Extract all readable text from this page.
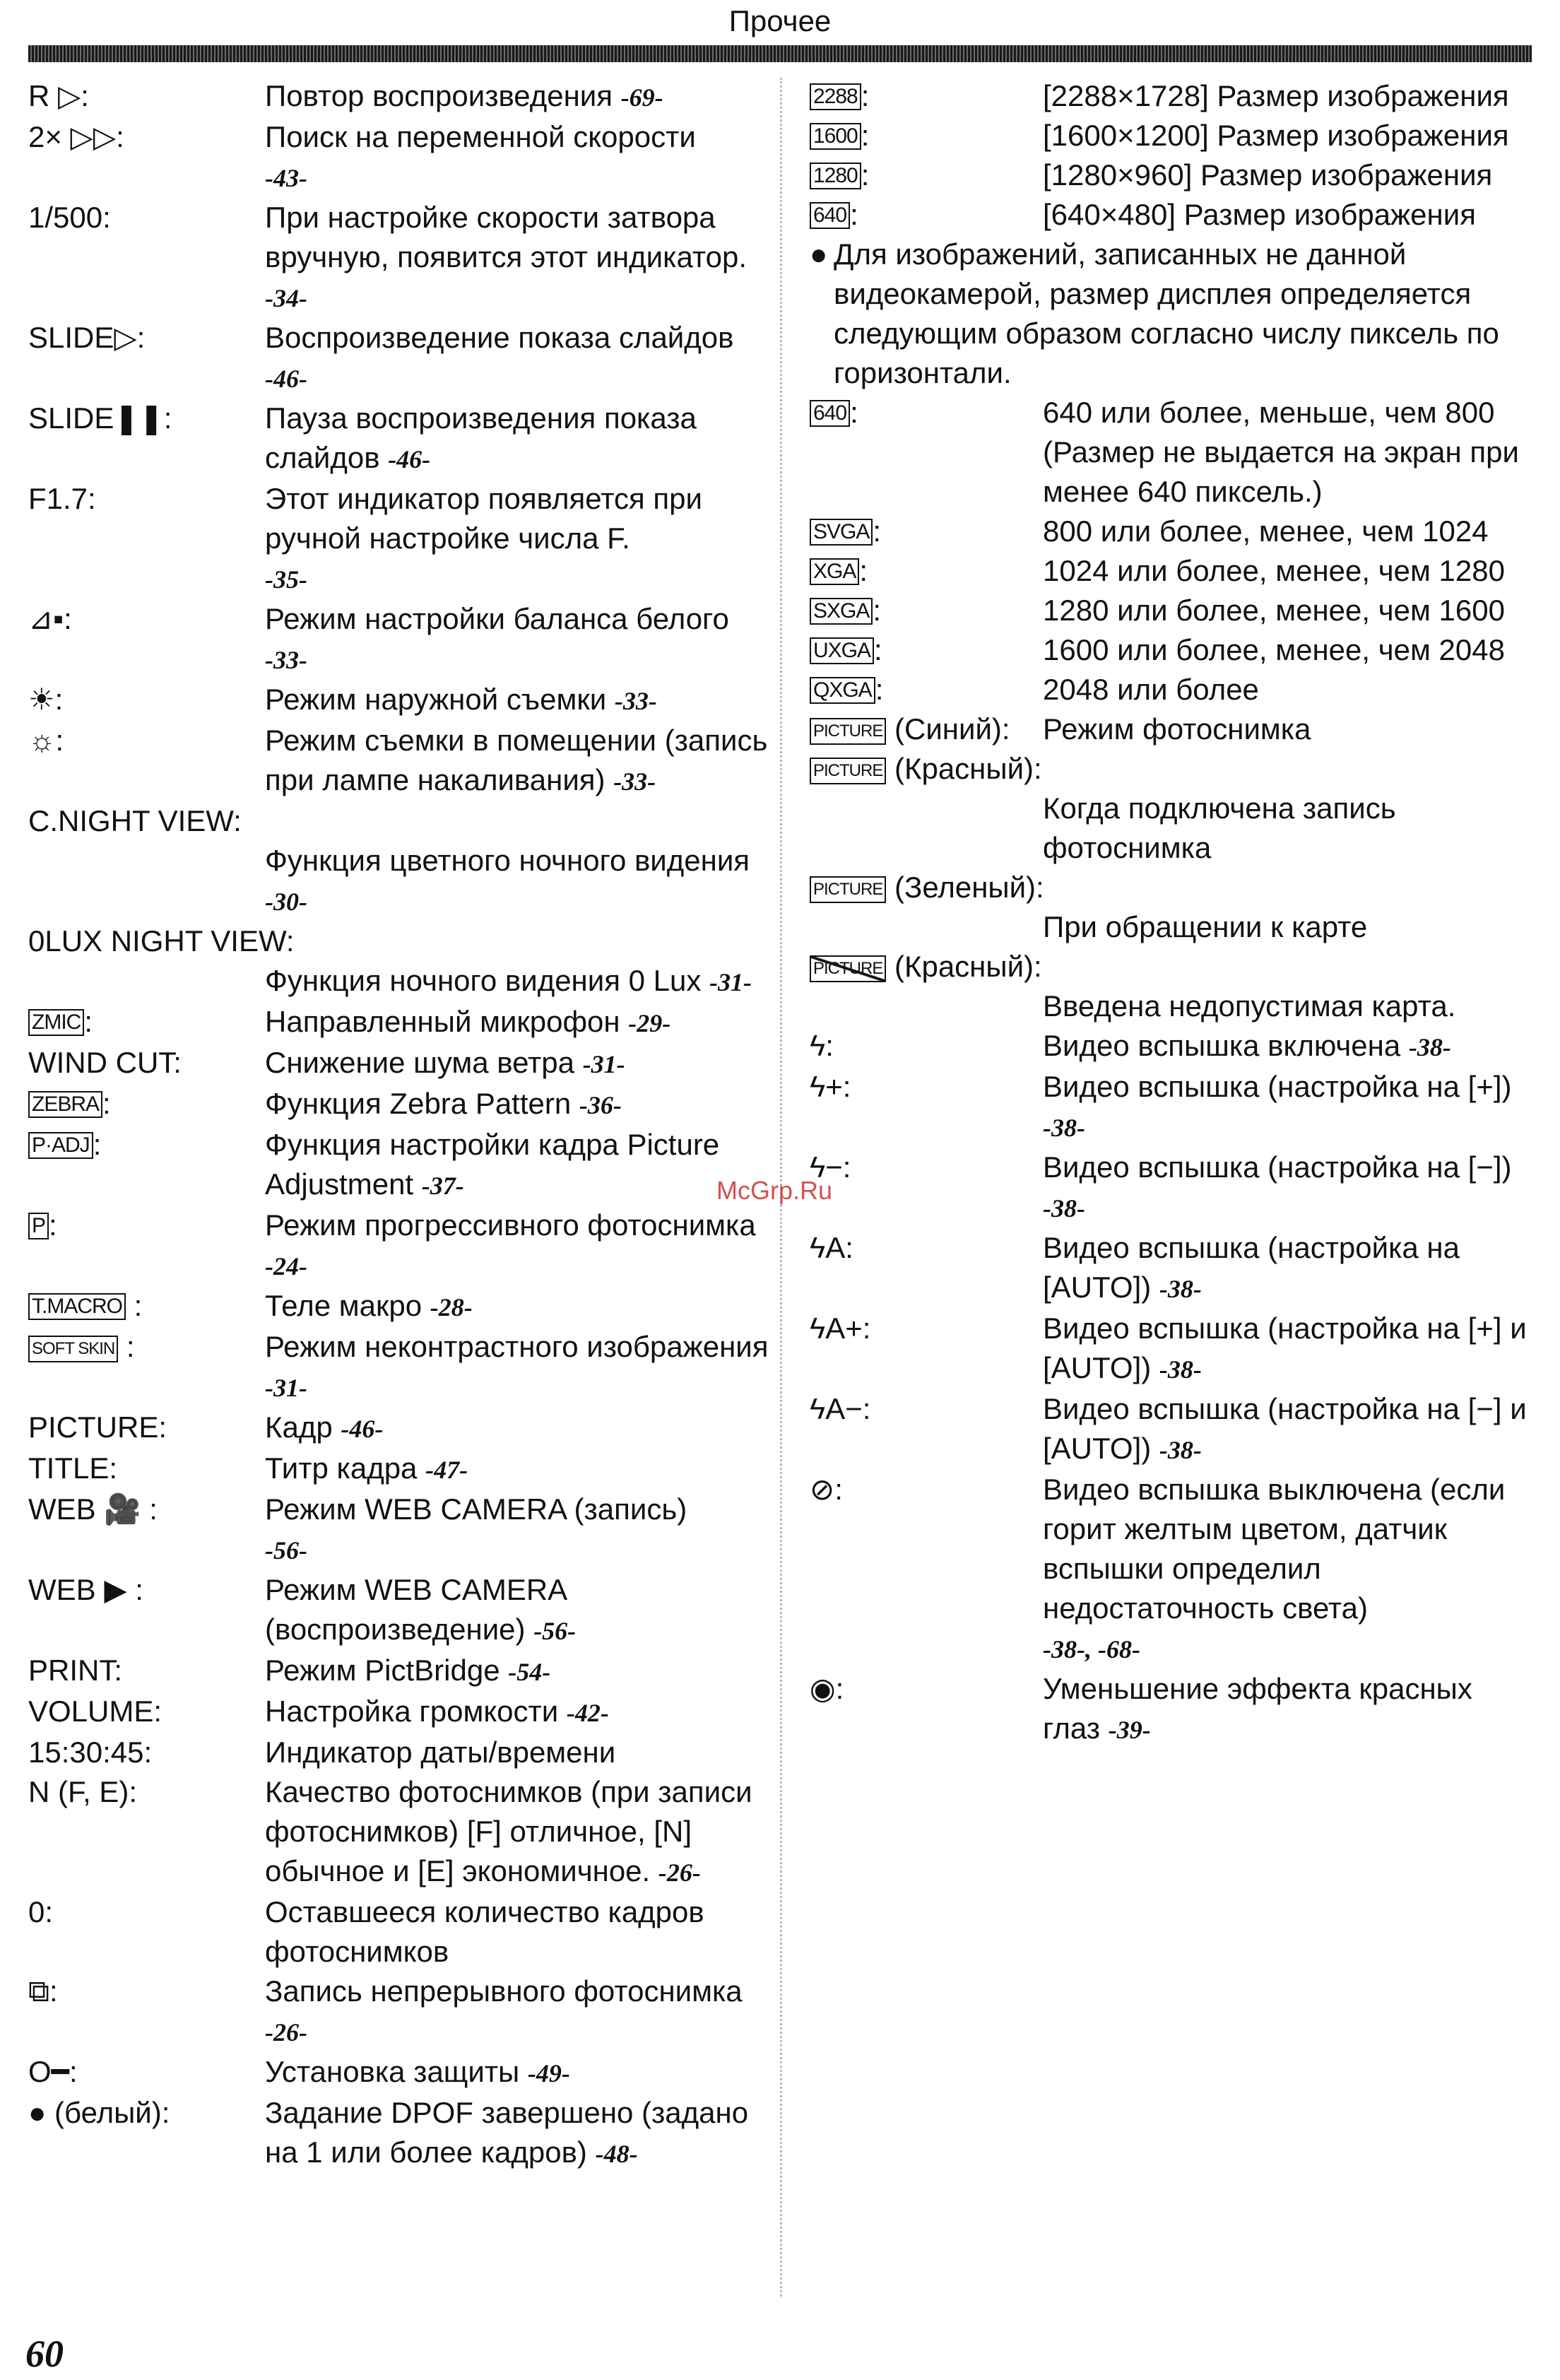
Прочее
R ▷:	Повтор воспроизведения -69-
2× ▷▷:	Поиск на переменной скорости
-43-
1/500:	При настройке скорости затвора вручную, появится этот индикатор. -34-
SLIDE▷:	Воспроизведение показа слайдов -46-
SLIDE❚❚:	Пауза воспроизведения показа слайдов -46-
F1.7:	Этот индикатор появляется при ручной настройке числа F.
-35-
⊿▪:	Режим настройки баланса белого -33-
☀:	Режим наружной съемки -33-
☼:	Режим съемки в помещении (запись при лампе накаливания) -33-
C.NIGHT VIEW:
Функция цветного ночного видения -30-
0LUX NIGHT VIEW:
Функция ночного видения 0 Lux -31-
ZMIC :	Направленный микрофон -29-
WIND CUT:	Снижение шума ветра -31-
ZEBRA :	Функция Zebra Pattern -36-
P·ADJ :	Функция настройки кадра Picture Adjustment -37-
P :	Режим прогрессивного фотоснимка -24-
T.MACRO :	Теле макро -28-
SOFT SKIN :	Режим неконтрастного изображения -31-
PICTURE:	Кадр -46-
TITLE:	Титр кадра -47-
WEB 🎥 :	Режим WEB CAMERA (запись)
-56-
WEB ▶ :	Режим WEB CAMERA (воспроизведение) -56-
PRINT:	Режим PictBridge -54-
VOLUME:	Настройка громкости -42-
15:30:45:	Индикатор даты/времени
N (F, E):	Качество фотоснимков (при записи фотоснимков) [F] отличное, [N] обычное и [E] экономичное. -26-
0:	Оставшееся количество кадров фотоснимков
⧉:	Запись непрерывного фотоснимка -26-
O━:	Установка защиты -49-
● (белый):	Задание DPOF завершено (задано на 1 или более кадров) -48-
2288 :	[2288×1728] Размер изображения
1600 :	[1600×1200] Размер изображения
1280 :	[1280×960] Размер изображения
640 :	[640×480] Размер изображения
● Для изображений, записанных не данной видеокамерой, размер дисплея определяется следующим образом согласно числу пиксель по горизонтали.
640 :	640 или более, меньше, чем 800 (Размер не выдается на экран при менее 640 пиксель.)
SVGA :	800 или более, менее, чем 1024
XGA :	1024 или более, менее, чем 1280
SXGA :	1280 или более, менее, чем 1600
UXGA :	1600 или более, менее, чем 2048
QXGA :	2048 или более
PICTURE (Синий):	Режим фотоснимка
PICTURE (Красный):
Когда подключена запись фотоснимка
PICTURE (Зеленый):
При обращении к карте
PICTURE (Красный):
Введена недопустимая карта.
ϟ:	Видео вспышка включена -38-
ϟ+:	Видео вспышка (настройка на [+]) -38-
ϟ−:	Видео вспышка (настройка на [−]) -38-
ϟA:	Видео вспышка (настройка на [AUTO]) -38-
ϟA+:	Видео вспышка (настройка на [+] и [AUTO]) -38-
ϟA−:	Видео вспышка (настройка на [−] и [AUTO]) -38-
⊘:	Видео вспышка выключена (если горит желтым цветом, датчик вспышки определил недостаточность света)
-38-, -68-
◉:	Уменьшение эффекта красных глаз -39-
McGrp.Ru
60
